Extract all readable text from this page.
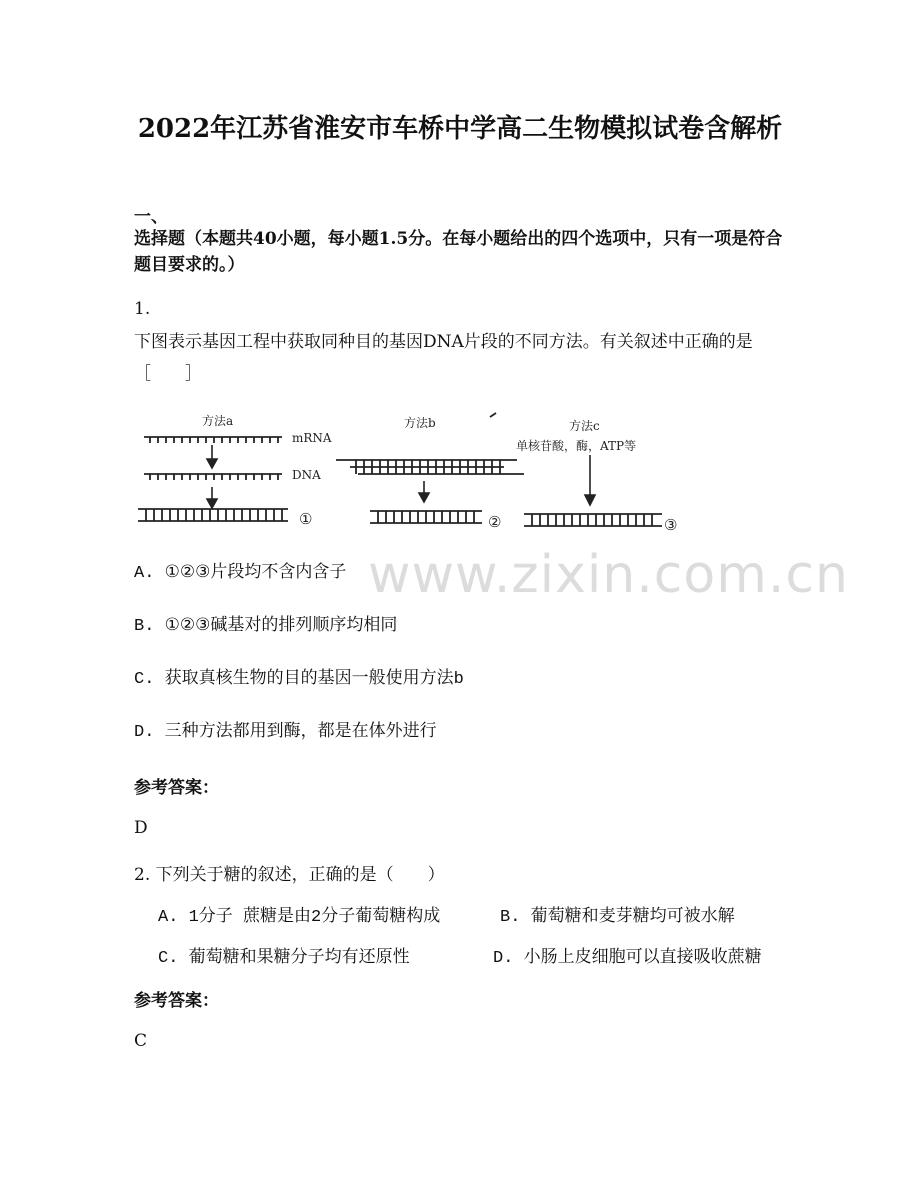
www.zixin.com.cn
2022年江苏省淮安市车桥中学高二生物模拟试卷含解析
一、
选择题（本题共40小题，每小题1.5分。在每小题给出的四个选项中，只有一项是符合题目要求的。）
1.
下图表示基因工程中获取同种目的基因DNA片段的不同方法。有关叙述中正确的是［　　］
方法a
mRNA
DNA
方法b	方法c
单核苷酸，酶，ATP等
①	②	③
A. ①②③片段均不含内含子
B. ①②③碱基对的排列顺序均相同
C. 获取真核生物的目的基因一般使用方法b
D. 三种方法都用到酶，都是在体外进行
参考答案：
D
2. 下列关于糖的叙述，正确的是（　　）
A. 1分子 蔗糖是由2分子葡萄糖构成	B. 葡萄糖和麦芽糖均可被水解
C. 葡萄糖和果糖分子均有还原性	D. 小肠上皮细胞可以直接吸收蔗糖
参考答案：
C
